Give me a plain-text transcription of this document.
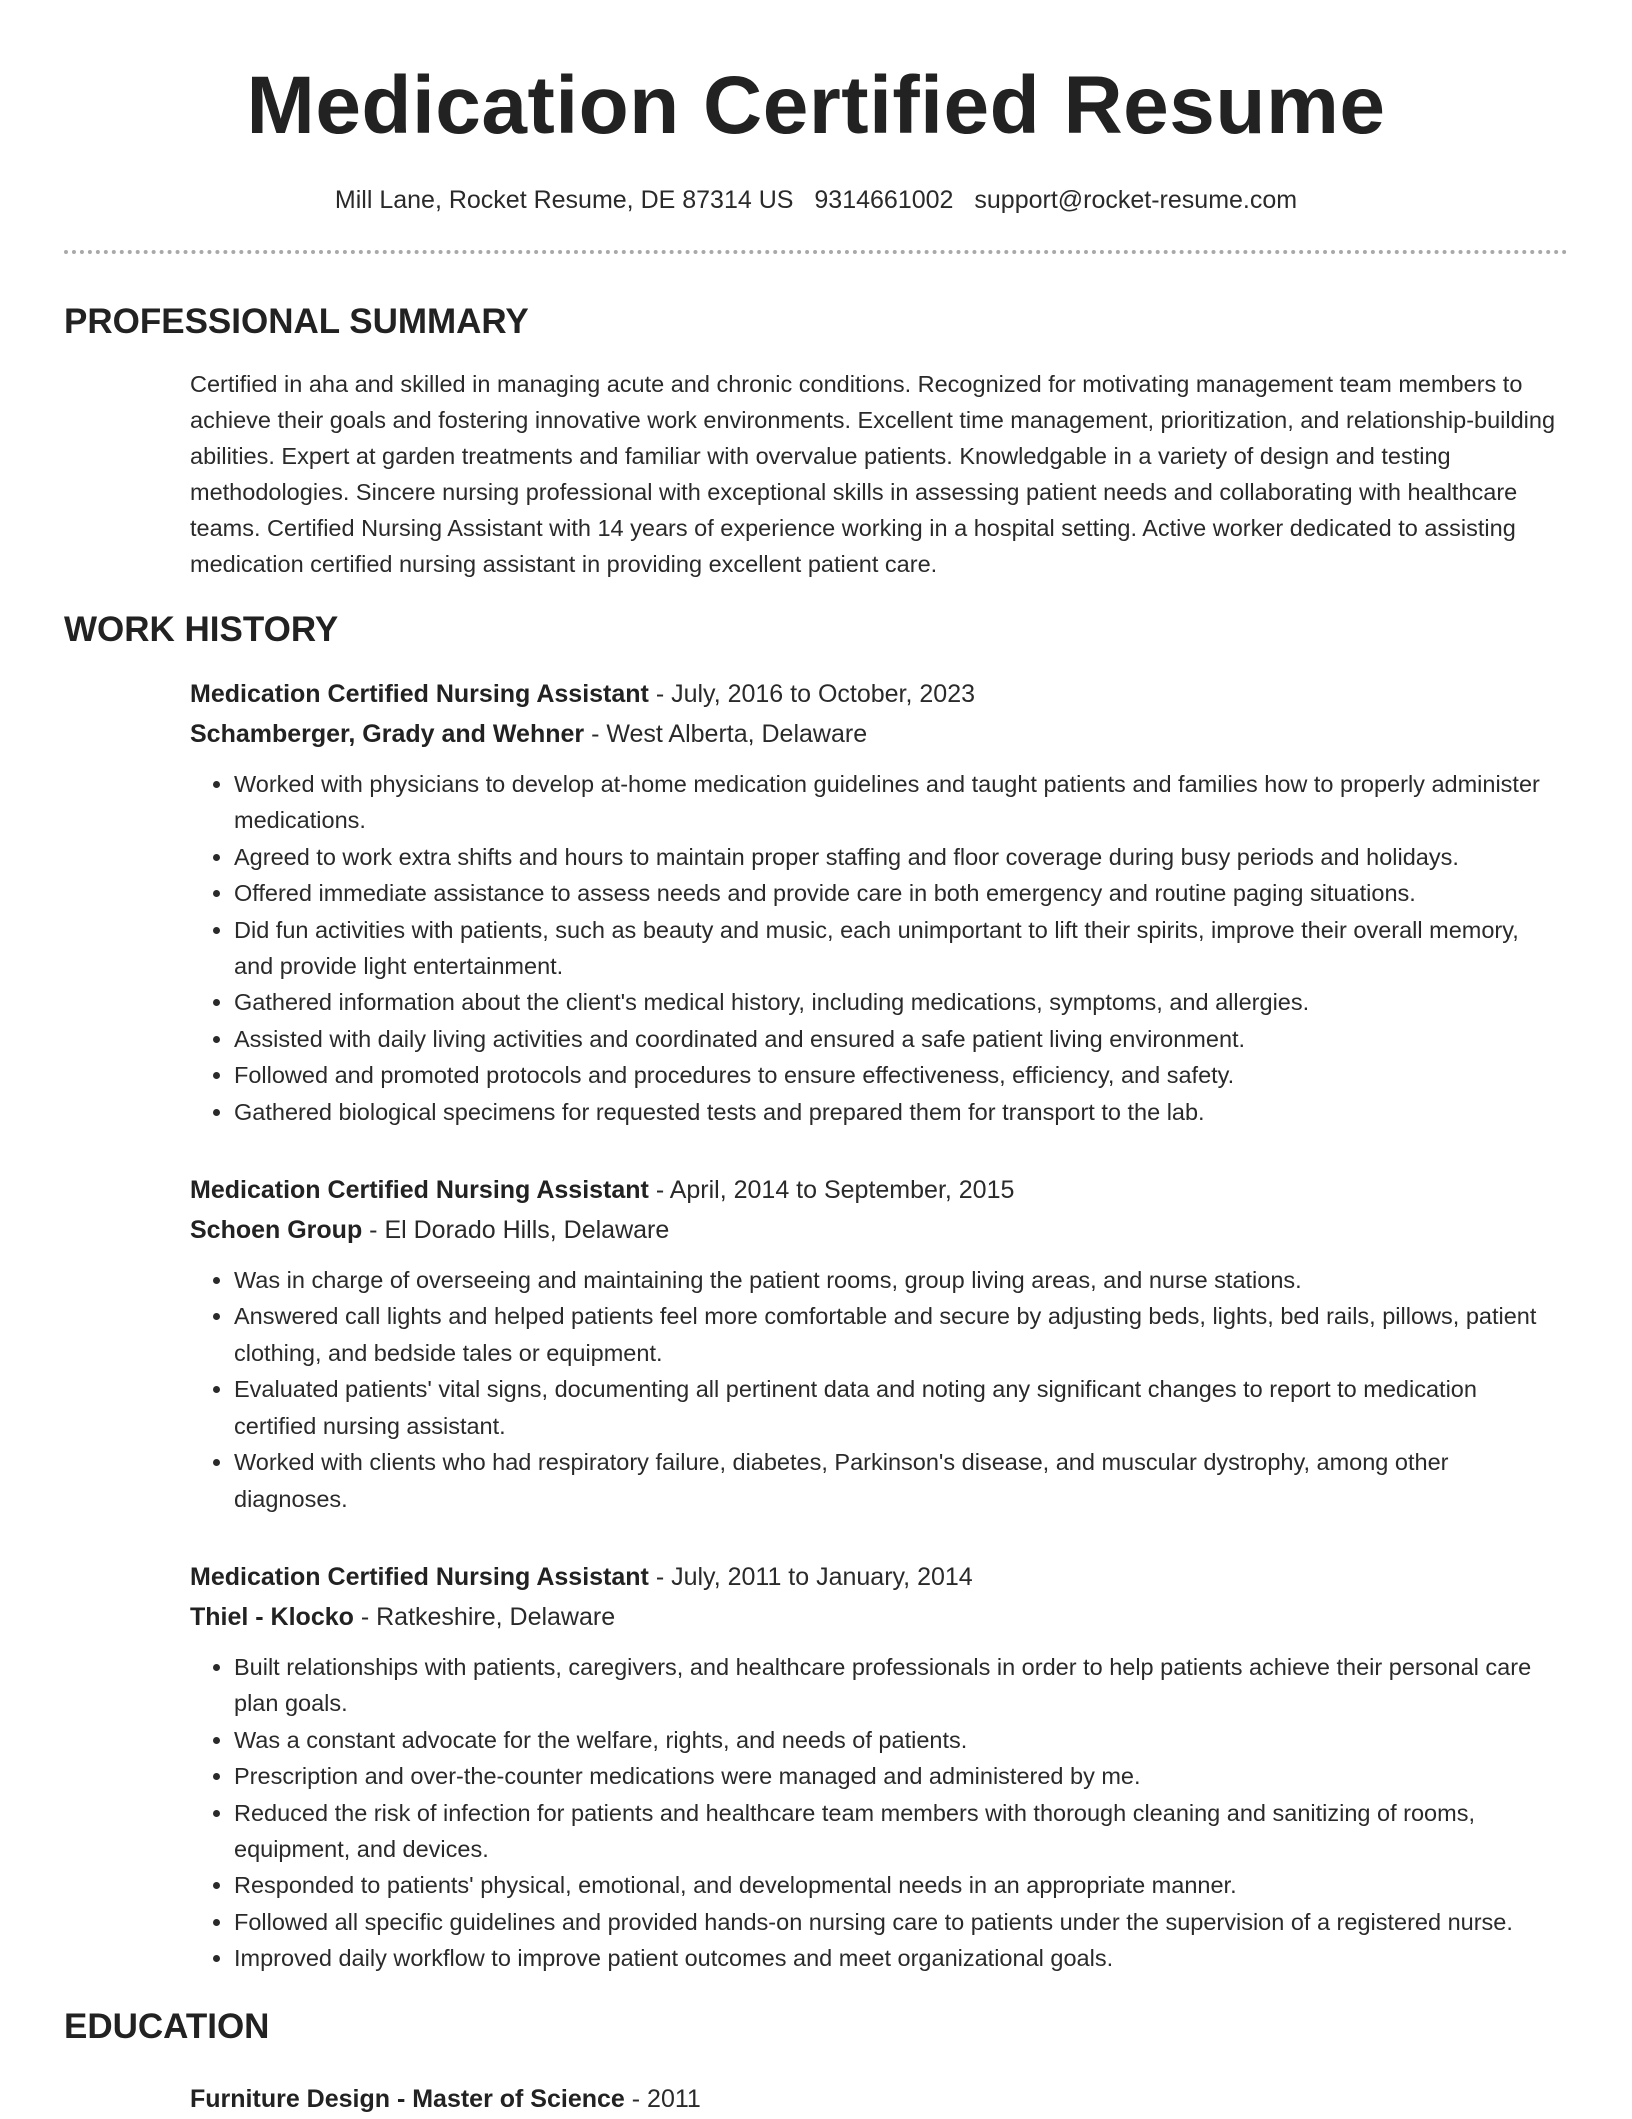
Medication Certified Resume
Mill Lane, Rocket Resume, DE 87314 US 9314661002 support@rocket-resume.com
PROFESSIONAL SUMMARY

Certified in aha and skilled in managing acute and chronic conditions. Recognized for motivating management team members to achieve their goals and fostering innovative work environments. Excellent time management, prioritization, and relationship-building abilities. Expert at garden treatments and familiar with overvalue patients. Knowledgable in a variety of design and testing methodologies. Sincere nursing professional with exceptional skills in assessing patient needs and collaborating with healthcare teams. Certified Nursing Assistant with 14 years of experience working in a hospital setting. Active worker dedicated to assisting medication certified nursing assistant in providing excellent patient care.

WORK HISTORY
Medication Certified Nursing Assistant - July, 2016 to October, 2023
Schamberger, Grady and Wehner - West Alberta, Delaware
• Worked with physicians to develop at-home medication guidelines and taught patients and families how to properly administer medications.
• Agreed to work extra shifts and hours to maintain proper staffing and floor coverage during busy periods and holidays.
• Offered immediate assistance to assess needs and provide care in both emergency and routine paging situations.
• Did fun activities with patients, such as beauty and music, each unimportant to lift their spirits, improve their overall memory, and provide light entertainment.
• Gathered information about the client's medical history, including medications, symptoms, and allergies.
• Assisted with daily living activities and coordinated and ensured a safe patient living environment.
• Followed and promoted protocols and procedures to ensure effectiveness, efficiency, and safety.
• Gathered biological specimens for requested tests and prepared them for transport to the lab.
Medication Certified Nursing Assistant - April, 2014 to September, 2015
Schoen Group - El Dorado Hills, Delaware
• Was in charge of overseeing and maintaining the patient rooms, group living areas, and nurse stations.
• Answered call lights and helped patients feel more comfortable and secure by adjusting beds, lights, bed rails, pillows, patient clothing, and bedside tales or equipment.
• Evaluated patients' vital signs, documenting all pertinent data and noting any significant changes to report to medication certified nursing assistant.
• Worked with clients who had respiratory failure, diabetes, Parkinson's disease, and muscular dystrophy, among other diagnoses.
Medication Certified Nursing Assistant - July, 2011 to January, 2014
Thiel - Klocko - Ratkeshire, Delaware
• Built relationships with patients, caregivers, and healthcare professionals in order to help patients achieve their personal care plan goals.
• Was a constant advocate for the welfare, rights, and needs of patients.
• Prescription and over-the-counter medications were managed and administered by me.
• Reduced the risk of infection for patients and healthcare team members with thorough cleaning and sanitizing of rooms, equipment, and devices.
• Responded to patients' physical, emotional, and developmental needs in an appropriate manner.
• Followed all specific guidelines and provided hands-on nursing care to patients under the supervision of a registered nurse.
• Improved daily workflow to improve patient outcomes and meet organizational goals.
EDUCATION
Furniture Design - Master of Science - 2011
